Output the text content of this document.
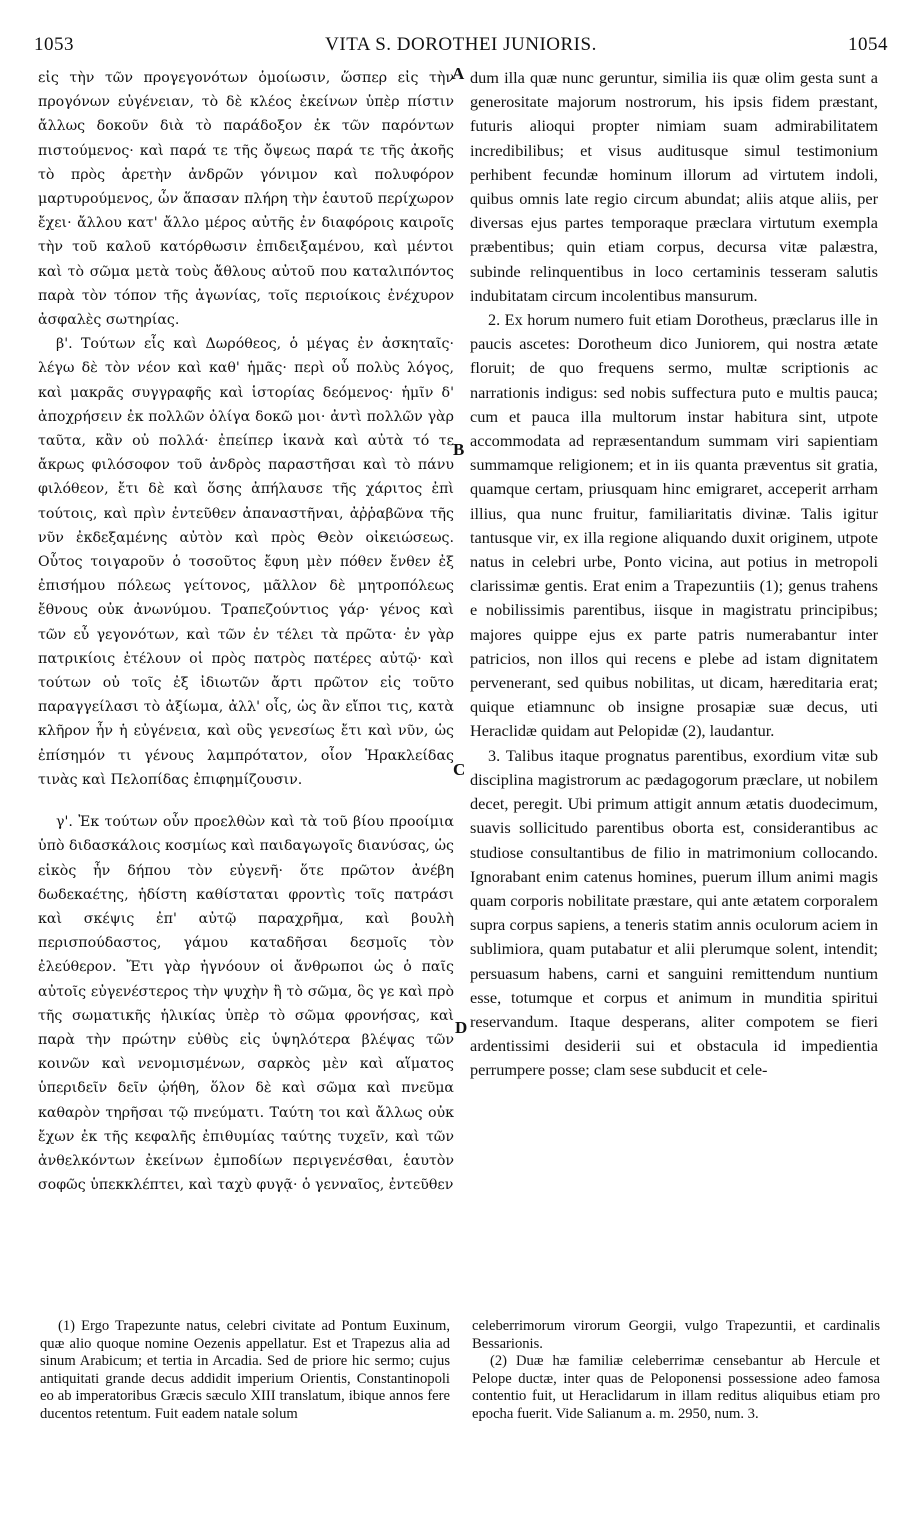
1053	VITA S. DOROTHEI JUNIORIS.	1054

εἰς τὴν τῶν προγεγονότων ὁμοίωσιν, ὥσπερ εἰς τὴν προγόνων εὐγένειαν, τὸ δὲ κλέος ἐκείνων ὑπὲρ πίστιν ἄλλως δοκοῦν διὰ τὸ παράδοξον ἐκ τῶν παρόντων πιστούμενος· καὶ παρά τε τῆς ὄψεως παρά τε τῆς ἀκοῆς τὸ πρὸς ἀρετὴν ἀνδρῶν γόνιμον καὶ πολυφόρον μαρτυρούμενος, ὧν ἅπασαν πλήρη τὴν ἑαυτοῦ περίχωρον ἔχει· ἄλλου κατ' ἄλλο μέρος αὐτῆς ἐν διαφόροις καιροῖς τὴν τοῦ καλοῦ κατόρθωσιν ἐπιδειξαμένου, καὶ μέντοι καὶ τὸ σῶμα μετὰ τοὺς ἄθλους αὐτοῦ που καταλιπόντος παρὰ τὸν τόπον τῆς ἀγωνίας, τοῖς περιοίκοις ἐνέχυρον ἀσφαλὲς σωτηρίας.

β'. Τούτων εἷς καὶ Δωρόθεος, ὁ μέγας ἐν ἀσκηταῖς· λέγω δὲ τὸν νέον καὶ καθ' ἡμᾶς· περὶ οὗ πολὺς λόγος, καὶ μακρᾶς συγγραφῆς καὶ ἱστορίας δεόμενος· ἡμῖν δ' ἀποχρήσειν ἐκ πολλῶν ὀλίγα δοκῶ μοι· ἀντὶ πολλῶν γὰρ ταῦτα, κἂν οὐ πολλά· ἐπείπερ ἱκανὰ καὶ αὐτὰ τό τε ἄκρως φιλόσοφον τοῦ ἀνδρὸς παραστῆσαι καὶ τὸ πάνυ φιλόθεον, ἔτι δὲ καὶ ὅσης ἀπήλαυσε τῆς χάριτος ἐπὶ τούτοις, καὶ πρὶν ἐντεῦθεν ἀπαναστῆναι, ἀῤῥαβῶνα τῆς νῦν ἐκδεξαμένης αὐτὸν καὶ πρὸς Θεὸν οἰκειώσεως. Οὗτος τοιγαροῦν ὁ τοσοῦτος ἔφυη μὲν πόθεν ἔνθεν ἐξ ἐπισήμου πόλεως γείτονος, μᾶλλον δὲ μητροπόλεως ἔθνους οὐκ ἀνωνύμου. Τραπεζούντιος γάρ· γένος καὶ τῶν εὖ γεγονότων, καὶ τῶν ἐν τέλει τὰ πρῶτα· ἐν γὰρ πατρικίοις ἐτέλουν οἱ πρὸς πατρὸς πατέρες αὐτῷ· καὶ τούτων οὐ τοῖς ἐξ ἰδιωτῶν ἄρτι πρῶτον εἰς τοῦτο παραγγείλασι τὸ ἀξίωμα, ἀλλ' οἷς, ὡς ἂν εἴποι τις, κατὰ κλῆρον ἦν ἡ εὐγένεια, καὶ οὓς γενεσίως ἔτι καὶ νῦν, ὡς ἐπίσημόν τι γένους λαμπρότατον, οἷον Ἡρακλείδας τινὰς καὶ Πελοπίδας ἐπιφημίζουσιν.

γ'. Ἐκ τούτων οὖν προελθὼν καὶ τὰ τοῦ βίου προοίμια ὑπὸ διδασκάλοις κοσμίως καὶ παιδαγωγοῖς διανύσας, ὡς εἰκὸς ἦν δήπου τὸν εὐγενῆ· ὅτε πρῶτον ἀνέβη δωδεκαέτης, ἡδίστη καθίσταται φροντὶς τοῖς πατράσι καὶ σκέψις ἐπ' αὐτῷ παραχρῆμα, καὶ βουλὴ περισπούδαστος, γάμου καταδῆσαι δεσμοῖς τὸν ἐλεύθερον. Ἔτι γὰρ ἠγνόουν οἱ ἄνθρωποι ὡς ὁ παῖς αὐτοῖς εὐγενέστερος τὴν ψυχὴν ἢ τὸ σῶμα, ὃς γε καὶ πρὸ τῆς σωματικῆς ἡλικίας ὑπὲρ τὸ σῶμα φρονήσας, καὶ παρὰ τὴν πρώτην εὐθὺς εἰς ὑψηλότερα βλέψας τῶν κοινῶν καὶ νενομισμένων, σαρκὸς μὲν καὶ αἵματος ὑπεριδεῖν δεῖν ᾠήθη, ὅλον δὲ καὶ σῶμα καὶ πνεῦμα καθαρὸν τηρῆσαι τῷ πνεύματι. Ταύτη τοι καὶ ἄλλως οὐκ ἔχων ἐκ τῆς κεφαλῆς ἐπιθυμίας ταύτης τυχεῖν, καὶ τῶν ἀνθελκόντων ἐκείνων ἐμποδίων περιγενέσθαι, ἑαυτὸν σοφῶς ὑπεκκλέπτει, καὶ ταχὺ φυγᾷ· ὁ γενναῖος, ἐντεῦθεν

A
B
C
D

dum illa quæ nunc geruntur, similia iis quæ olim gesta sunt a generositate majorum nostrorum, his ipsis fidem præstant, futuris alioqui propter nimiam suam admirabilitatem incredibilibus; et visus auditusque simul testimonium perhibent fecundæ hominum illorum ad virtutem indoli, quibus omnis late regio circum abundat; aliis atque aliis, per diversas ejus partes temporaque præclara virtutum exempla præbentibus; quin etiam corpus, decursa vitæ palæstra, subinde relinquentibus in loco certaminis tesseram salutis indubitatam circum incolentibus mansurum.

2. Ex horum numero fuit etiam Dorotheus, præclarus ille in paucis ascetes: Dorotheum dico Juniorem, qui nostra ætate floruit; de quo frequens sermo, multæ scriptionis ac narrationis indigus: sed nobis suffectura puto e multis pauca; cum et pauca illa multorum instar habitura sint, utpote accommodata ad repræsentandum summam viri sapientiam summamque religionem; et in iis quanta præventus sit gratia, quamque certam, priusquam hinc emigraret, acceperit arrham illius, qua nunc fruitur, familiaritatis divinæ. Talis igitur tantusque vir, ex illa regione aliquando duxit originem, utpote natus in celebri urbe, Ponto vicina, aut potius in metropoli clarissimæ gentis. Erat enim a Trapezuntiis (1); genus trahens e nobilissimis parentibus, iisque in magistratu principibus; majores quippe ejus ex parte patris numerabantur inter patricios, non illos qui recens e plebe ad istam dignitatem pervenerant, sed quibus nobilitas, ut dicam, hæreditaria erat; quique etiamnunc ob insigne prosapiæ suæ decus, uti Heraclidæ quidam aut Pelopidæ (2), laudantur.

3. Talibus itaque prognatus parentibus, exordium vitæ sub disciplina magistrorum ac pædagogorum præclare, ut nobilem decet, peregit. Ubi primum attigit annum ætatis duodecimum, suavis sollicitudo parentibus oborta est, considerantibus ac studiose consultantibus de filio in matrimonium collocando. Ignorabant enim catenus homines, puerum illum animi magis quam corporis nobilitate præstare, qui ante ætatem corporalem supra corpus sapiens, a teneris statim annis oculorum aciem in sublimiora, quam putabatur et alii plerumque solent, intendit; persuasum habens, carni et sanguini remittendum nuntium esse, totumque et corpus et animum in munditia spiritui reservandum. Itaque desperans, aliter compotem se fieri ardentissimi desiderii sui et obstacula id impedientia perrumpere posse; clam sese subducit et cele-

(1) Ergo Trapezunte natus, celebri civitate ad Pontum Euxinum, quæ alio quoque nomine Oezenis appellatur. Est et Trapezus alia ad sinum Arabicum; et tertia in Arcadia. Sed de priore hic sermo; cujus antiquitati grande decus addidit imperium Orientis, Constantinopoli eo ab imperatoribus Græcis sæculo XIII translatum, ibique annos fere ducentos retentum. Fuit eadem natale solum

celeberrimorum virorum Georgii, vulgo Trapezuntii, et cardinalis Bessarionis.

(2) Duæ hæ familiæ celeberrimæ censebantur ab Hercule et Pelope ductæ, inter quas de Peloponensi possessione adeo famosa contentio fuit, ut Heraclidarum in illam reditus aliquibus etiam pro epocha fuerit. Vide Salianum a. m. 2950, num. 3.
